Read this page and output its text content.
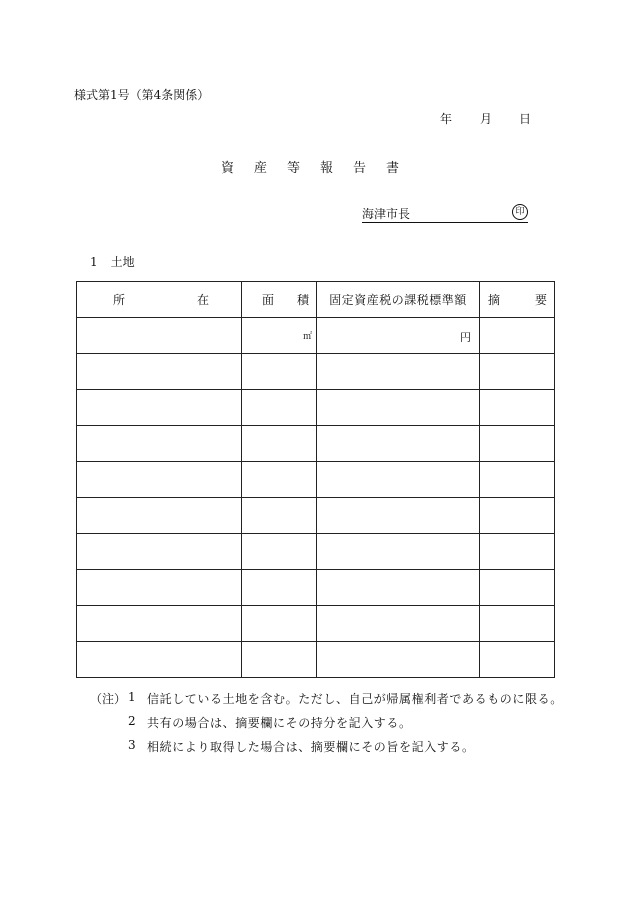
様式第1号（第4条関係）
年 月 日
資産等報告書
海津市長	印
1 土地
所 在	面 積	固定資産税の課税標準額	摘 要

	㎡	円	

（注） 1 信託している土地を含む。ただし、自己が帰属権利者であるものに限る。
2 共有の場合は、摘要欄にその持分を記入する。
3 相続により取得した場合は、摘要欄にその旨を記入する。
